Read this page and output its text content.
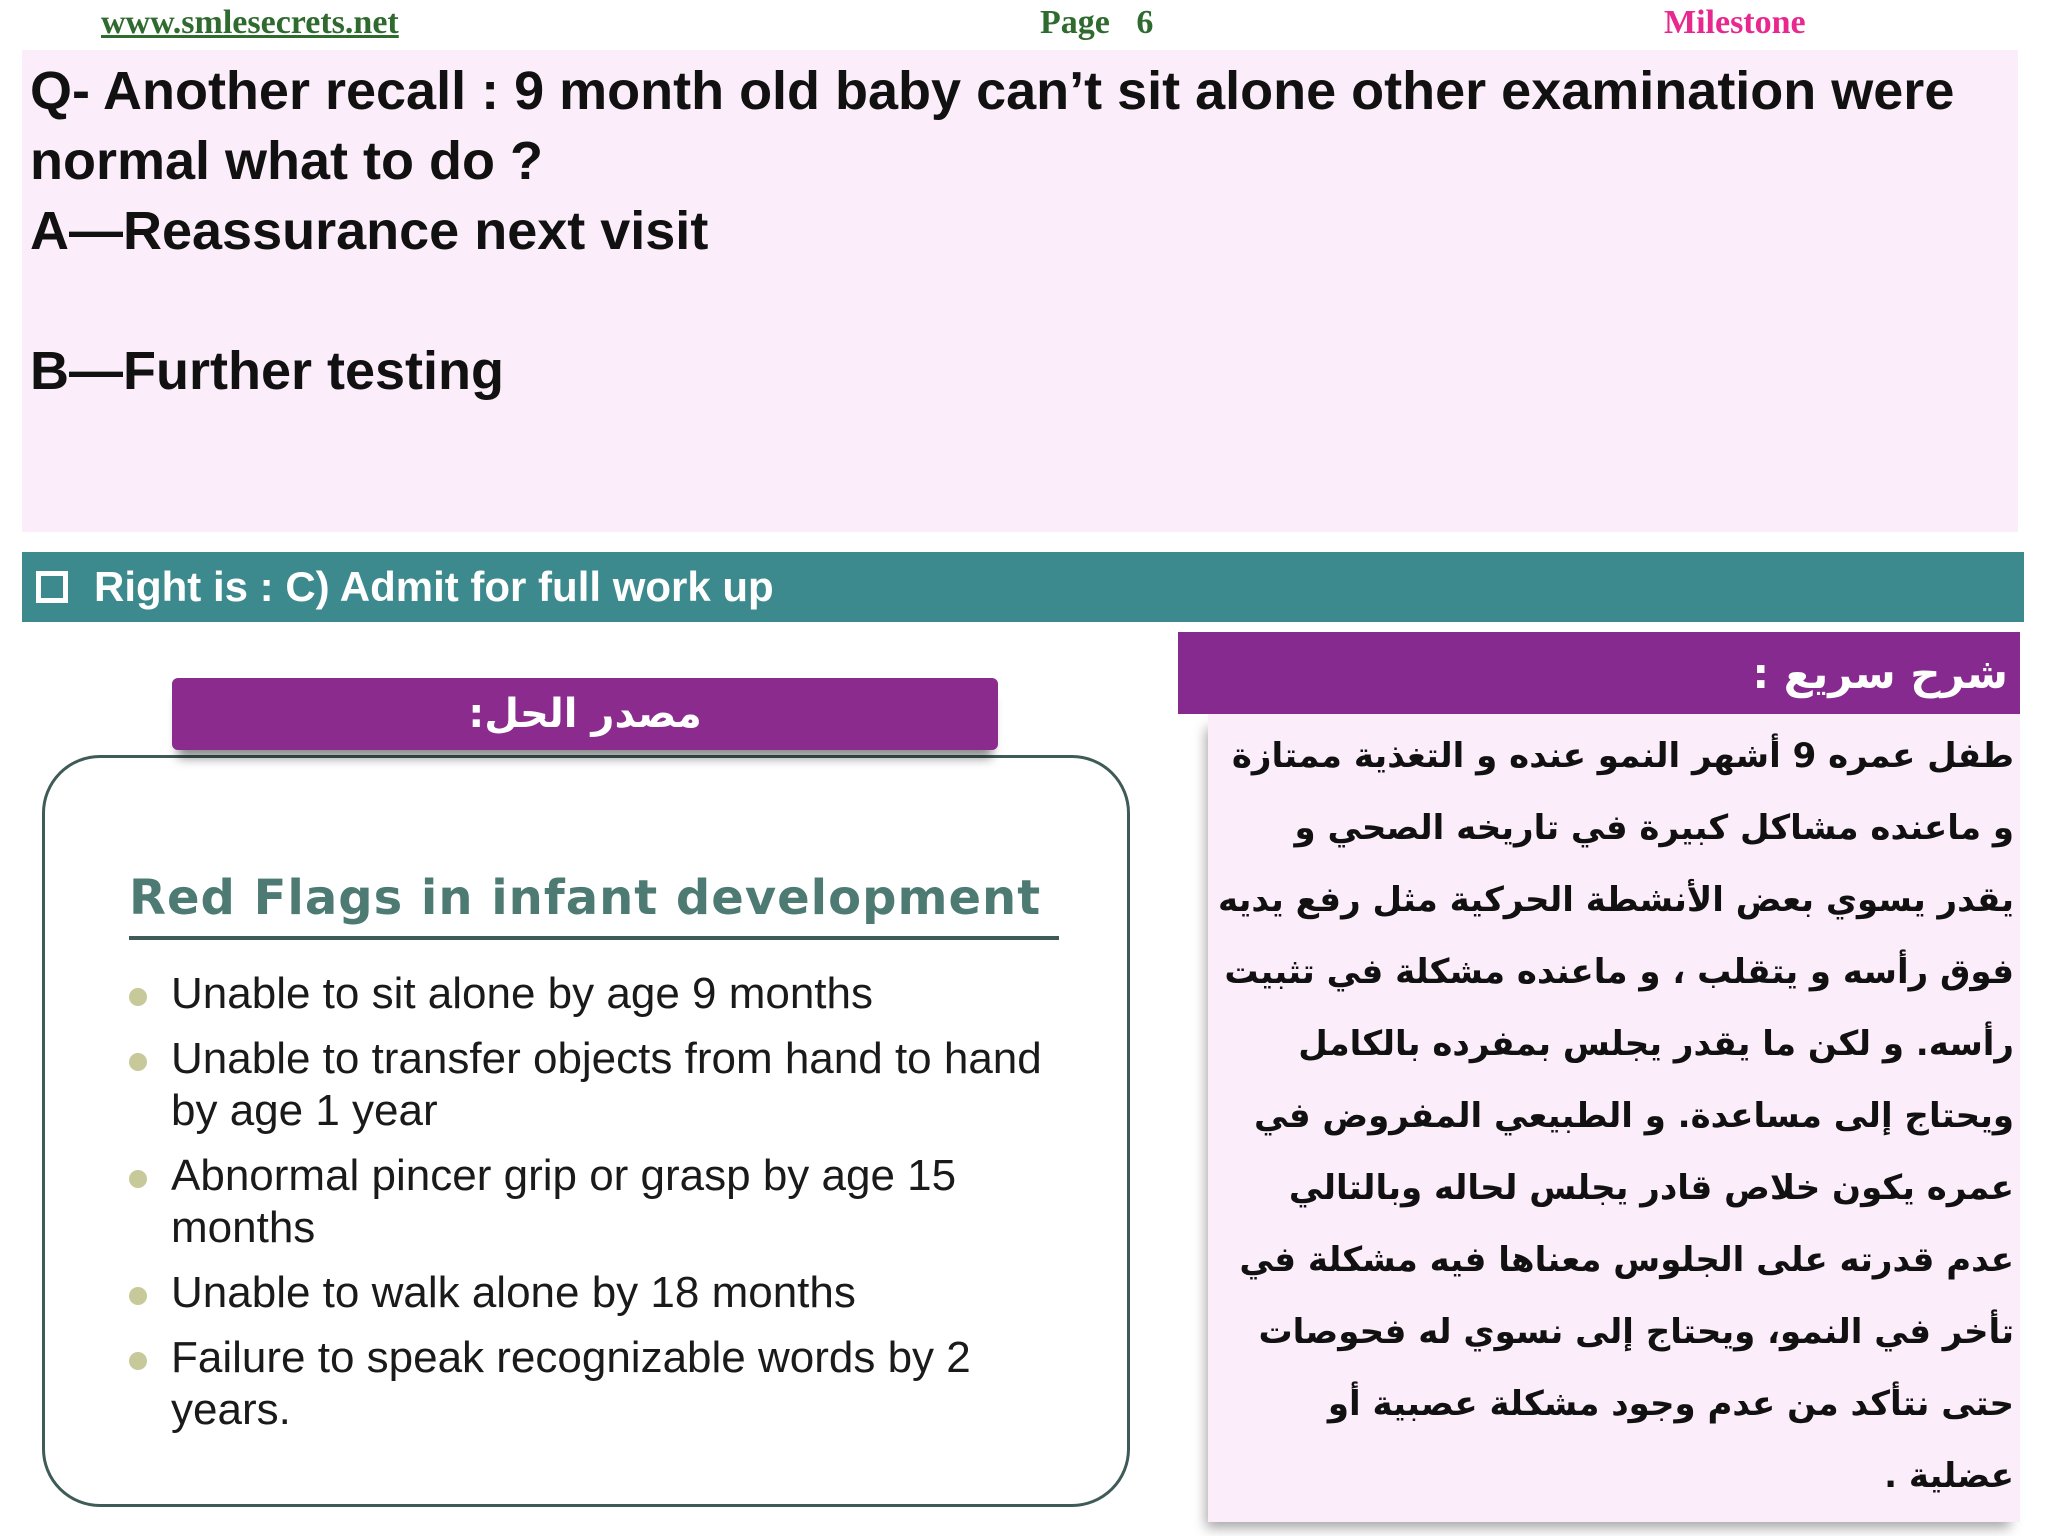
www.smlesecrets.net	Page 6	Milestone

Q- Another recall : 9 month old baby can’t sit alone other examination were normal what to do ?

A—Reassurance next visit

B—Further testing

Right is : C) Admit for full work up
مصدر الحل:
Red Flags in infant development
Unable to sit alone by age 9 months
Unable to transfer objects from hand to hand by age 1 year
Abnormal pincer grip or grasp by age 15 months
Unable to walk alone by 18 months
Failure to speak recognizable words by 2 years.
شرح سريع :

طفل عمره 9 أشهر النمو عنده و التغذية ممتازة و ماعنده مشاكل كبيرة في تاريخه الصحي و يقدر يسوي بعض الأنشطة الحركية مثل رفع يديه فوق رأسه و يتقلب ، و ماعنده مشكلة في تثبيت رأسه. و لكن ما يقدر يجلس بمفرده بالكامل ويحتاج إلى مساعدة. و الطبيعي المفروض في عمره يكون خلاص قادر يجلس لحاله وبالتالي عدم قدرته على الجلوس معناها فيه مشكلة في تأخر في النمو، ويحتاج إلى نسوي له فحوصات حتى نتأكد من عدم وجود مشكلة عصبية أو عضلية .
